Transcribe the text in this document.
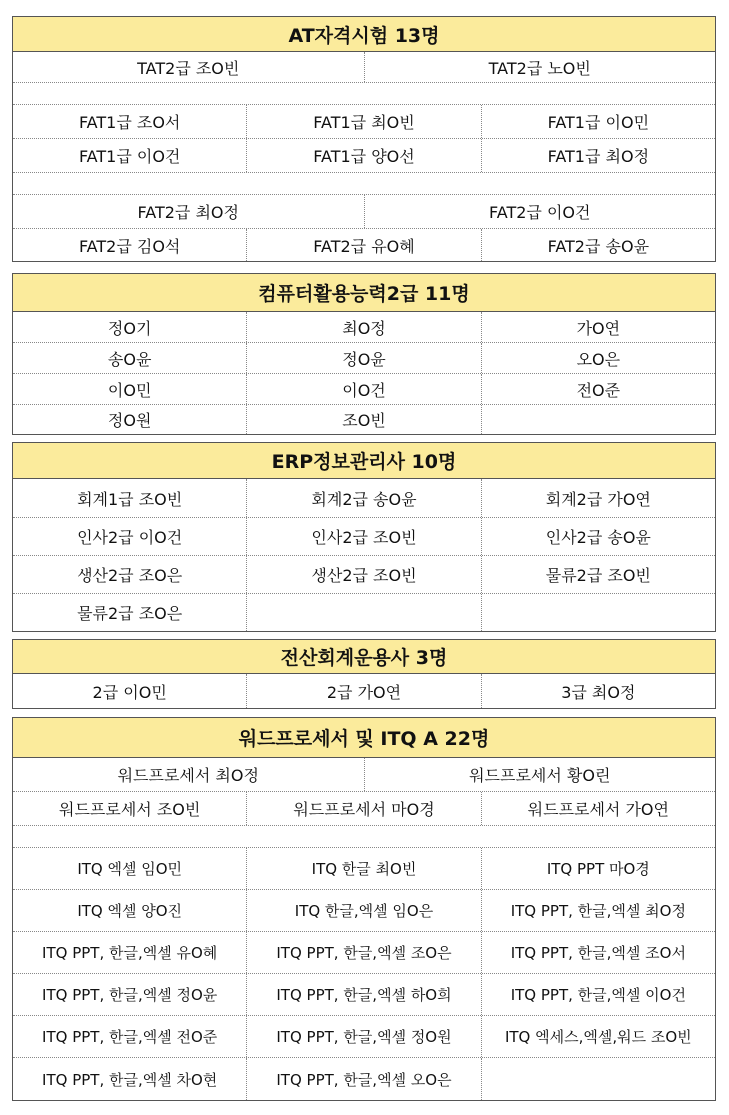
AT자격시험 13명
TAT2급 조O빈	TAT2급 노O빈
FAT1급 조O서	FAT1급 최O빈	FAT1급 이O민
FAT1급 이O건	FAT1급 양O선	FAT1급 최O정
FAT2급 최O정	FAT2급 이O건
FAT2급 김O석	FAT2급 유O혜	FAT2급 송O윤
컴퓨터활용능력2급 11명
정O기	최O정	가O연
송O윤	정O윤	오O은
이O민	이O건	전O준
정O원	조O빈
ERP정보관리사 10명
회계1급 조O빈	회계2급 송O윤	회계2급 가O연
인사2급 이O건	인사2급 조O빈	인사2급 송O윤
생산2급 조O은	생산2급 조O빈	물류2급 조O빈
물류2급 조O은
전산회계운용사 3명
2급 이O민	2급 가O연	3급 최O정
워드프로세서 및 ITQ A 22명
워드프로세서 최O정	워드프로세서 황O린
워드프로세서 조O빈	워드프로세서 마O경	워드프로세서 가O연
ITQ 엑셀 임O민	ITQ 한글 최O빈	ITQ PPT 마O경
ITQ 엑셀 양O진	ITQ 한글,엑셀 임O은	ITQ PPT, 한글,엑셀 최O정
ITQ PPT, 한글,엑셀 유O혜	ITQ PPT, 한글,엑셀 조O은	ITQ PPT, 한글,엑셀 조O서
ITQ PPT, 한글,엑셀 정O윤	ITQ PPT, 한글,엑셀 하O희	ITQ PPT, 한글,엑셀 이O건
ITQ PPT, 한글,엑셀 전O준	ITQ PPT, 한글,엑셀 정O원	ITQ 엑세스,엑셀,워드 조O빈
ITQ PPT, 한글,엑셀 차O현	ITQ PPT, 한글,엑셀 오O은
